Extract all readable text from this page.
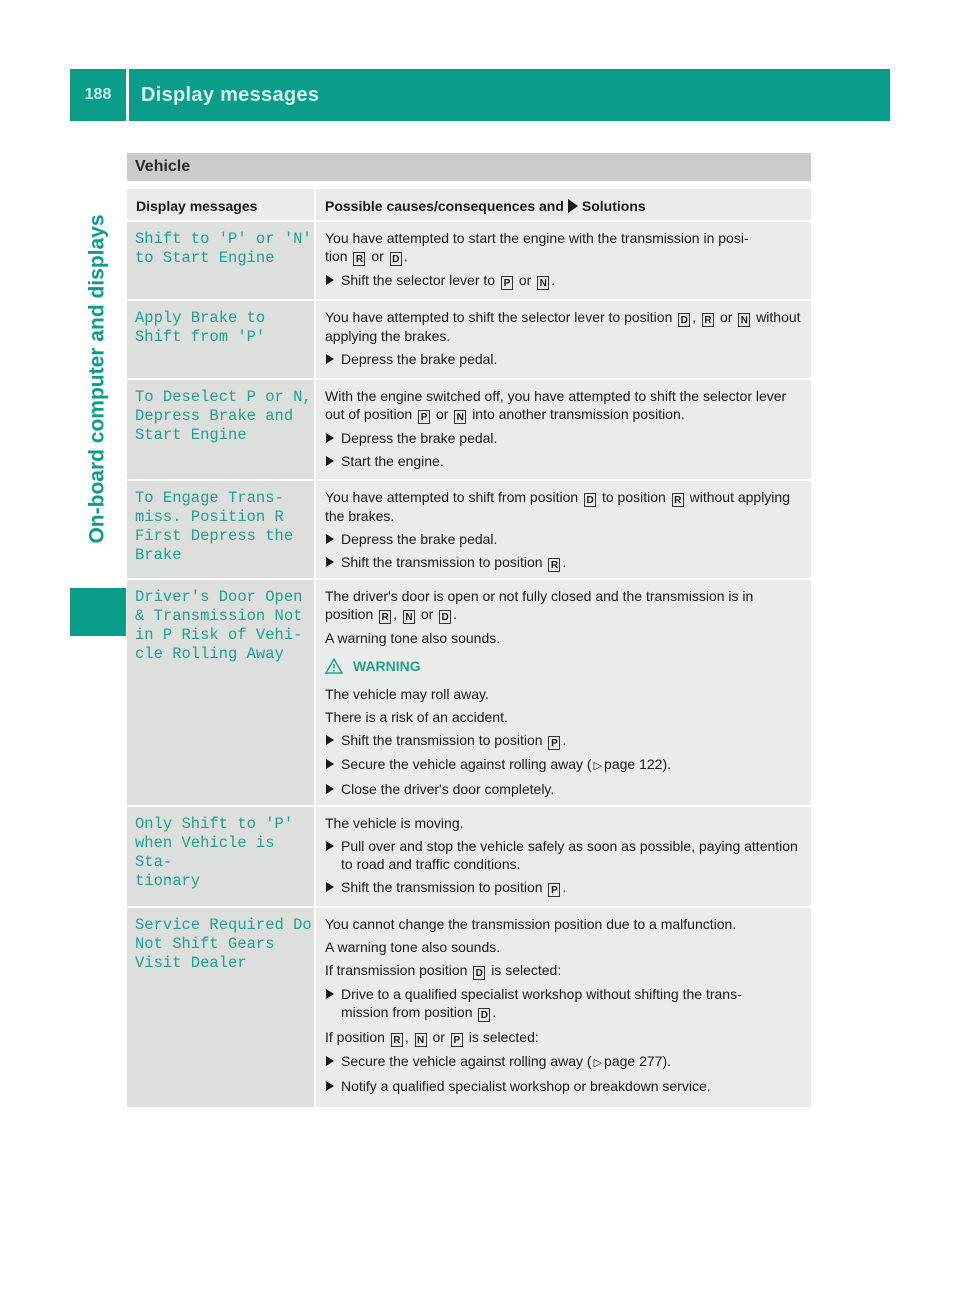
188	Display messages
On-board computer and displays
Vehicle
Display messages	Possible causes/consequences and Solutions
Shift to 'P' or 'N'
to Start Engine
You have attempted to start the engine with the transmission in posi-
tion R or D .
Shift the selector lever to P or N .
Apply Brake to
Shift from 'P'
You have attempted to shift the selector lever to position D , R or N without applying the brakes.
Depress the brake pedal.
To Deselect P or N,
Depress Brake and
Start Engine
With the engine switched off, you have attempted to shift the selector lever out of position P or N into another transmission position.
Depress the brake pedal.
Start the engine.
To Engage Trans‐
miss. Position R
First Depress the
Brake
You have attempted to shift from position D to position R without applying the brakes.
Depress the brake pedal.
Shift the transmission to position R .
Driver's Door Open
& Transmission Not
in P Risk of Vehi‐
cle Rolling Away
The driver's door is open or not fully closed and the transmission is in position R , N or D .
A warning tone also sounds.
WARNING
The vehicle may roll away.
There is a risk of an accident.
Shift the transmission to position P .
Secure the vehicle against rolling away ( ▷ page 122).
Close the driver's door completely.
Only Shift to 'P'
when Vehicle is Sta‐
tionary
The vehicle is moving.
Pull over and stop the vehicle safely as soon as possible, paying attention to road and traffic conditions.
Shift the transmission to position P .
Service Required Do
Not Shift Gears
Visit Dealer
You cannot change the transmission position due to a malfunction.
A warning tone also sounds.
If transmission position D is selected:
Drive to a qualified specialist workshop without shifting the trans-
mission from position D .
If position R , N or P is selected:
Secure the vehicle against rolling away ( ▷ page 277).
Notify a qualified specialist workshop or breakdown service.
